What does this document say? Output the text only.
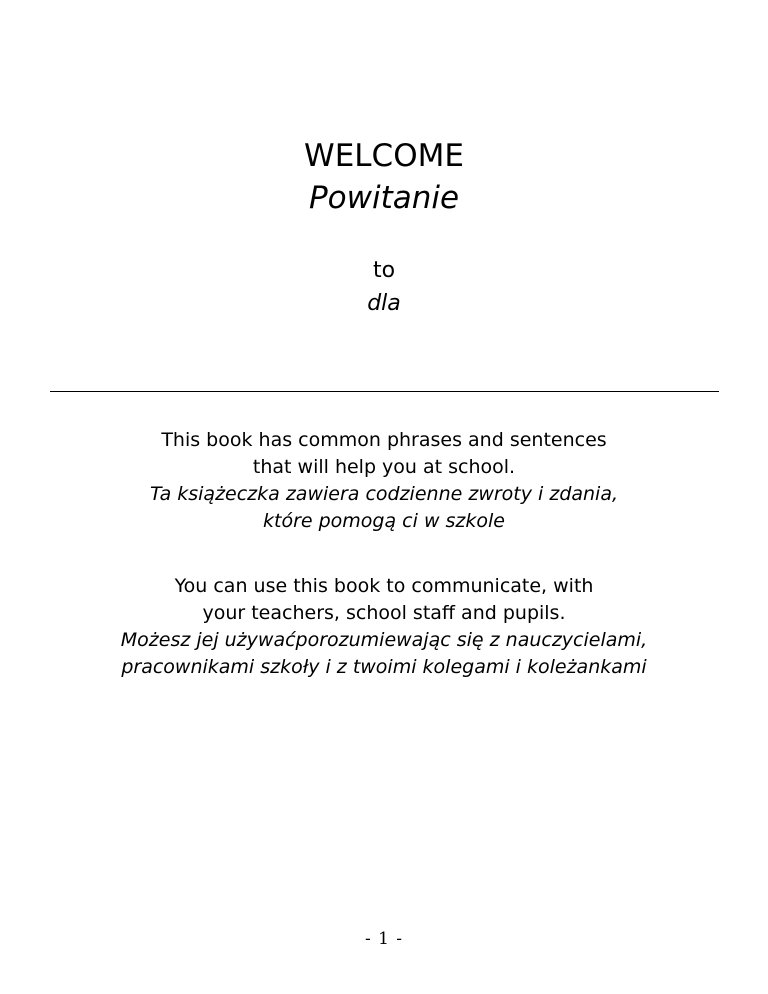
WELCOME
Powitanie
to
dla
This book has common phrases and sentences
that will help you at school.
Ta książeczka zawiera codzienne zwroty i zdania,
które pomogą ci w szkole
You can use this book to communicate, with
your teachers, school staff and pupils.
Możesz jej używaćporozumiewając się z nauczycielami,
pracownikami szkoły i z twoimi kolegami i koleżankami
- 1 -
